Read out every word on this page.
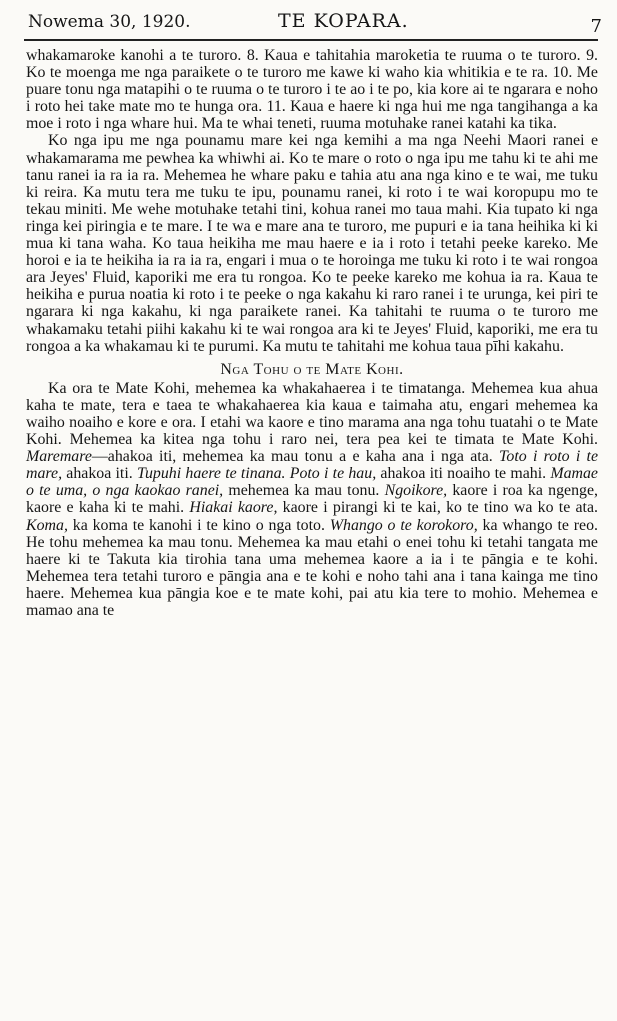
Nowema 30, 1920.	TE KOPARA.	7

whakamaroke kanohi a te turoro. 8. Kaua e tahitahia maroketia te ruuma o te turoro. 9. Ko te moenga me nga paraikete o te turoro me kawe ki waho kia whitikia e te ra. 10. Me puare tonu nga matapihi o te ruuma o te turoro i te ao i te po, kia kore ai te ngarara e noho i roto hei take mate mo te hunga ora. 11. Kaua e haere ki nga hui me nga tangihanga a ka moe i roto i nga whare hui. Ma te whai teneti, ruuma motuhake ranei katahi ka tika.

Ko nga ipu me nga pounamu mare kei nga kemihi a ma nga Neehi Maori ranei e whakamarama me pewhea ka whiwhi ai. Ko te mare o roto o nga ipu me tahu ki te ahi me tanu ranei ia ra ia ra. Mehemea he whare paku e tahia atu ana nga kino e te wai, me tuku ki reira. Ka mutu tera me tuku te ipu, pounamu ranei, ki roto i te wai koropupu mo te tekau miniti. Me wehe motuhake tetahi tini, kohua ranei mo taua mahi. Kia tupato ki nga ringa kei piringia e te mare. I te wa e mare ana te turoro, me pupuri e ia tana heihika ki ki mua ki tana waha. Ko taua heikiha me mau haere e ia i roto i tetahi peeke kareko. Me horoi e ia te heikiha ia ra ia ra, engari i mua o te horoinga me tuku ki roto i te wai rongoa ara Jeyes' Fluid, kaporiki me era tu rongoa. Ko te peeke kareko me kohua ia ra. Kaua te heikiha e purua noatia ki roto i te peeke o nga kakahu ki raro ranei i te urunga, kei piri te ngarara ki nga kakahu, ki nga paraikete ranei. Ka tahitahi te ruuma o te turoro me whakamaku tetahi piihi kakahu ki te wai rongoa ara ki te Jeyes' Fluid, kaporiki, me era tu rongoa a ka whakamau ki te purumi. Ka mutu te tahitahi me kohua taua pīhi kakahu.

Nga Tohu o te Mate Kohi.

Ka ora te Mate Kohi, mehemea ka whakahaerea i te timatanga. Mehemea kua ahua kaha te mate, tera e taea te whakahaerea kia kaua e taimaha atu, engari mehemea ka waiho noaiho e kore e ora. I etahi wa kaore e tino marama ana nga tohu tuatahi o te Mate Kohi. Mehemea ka kitea nga tohu i raro nei, tera pea kei te timata te Mate Kohi. Maremare—ahakoa iti, mehemea ka mau tonu a e kaha ana i nga ata. Toto i roto i te mare, ahakoa iti. Tupuhi haere te tinana. Poto i te hau, ahakoa iti noaiho te mahi. Mamae o te uma, o nga kaokao ranei, mehemea ka mau tonu. Ngoikore, kaore i roa ka ngenge, kaore e kaha ki te mahi. Hiakai kaore, kaore i pirangi ki te kai, ko te tino wa ko te ata. Koma, ka koma te kanohi i te kino o nga toto. Whango o te korokoro, ka whango te reo. He tohu mehemea ka mau tonu. Mehemea ka mau etahi o enei tohu ki tetahi tangata me haere ki te Takuta kia tirohia tana uma mehemea kaore a ia i te pāngia e te kohi. Mehemea tera tetahi turoro e pāngia ana e te kohi e noho tahi ana i tana kainga me tino haere. Mehemea kua pāngia koe e te mate kohi, pai atu kia tere to mohio. Mehemea e mamao ana te
